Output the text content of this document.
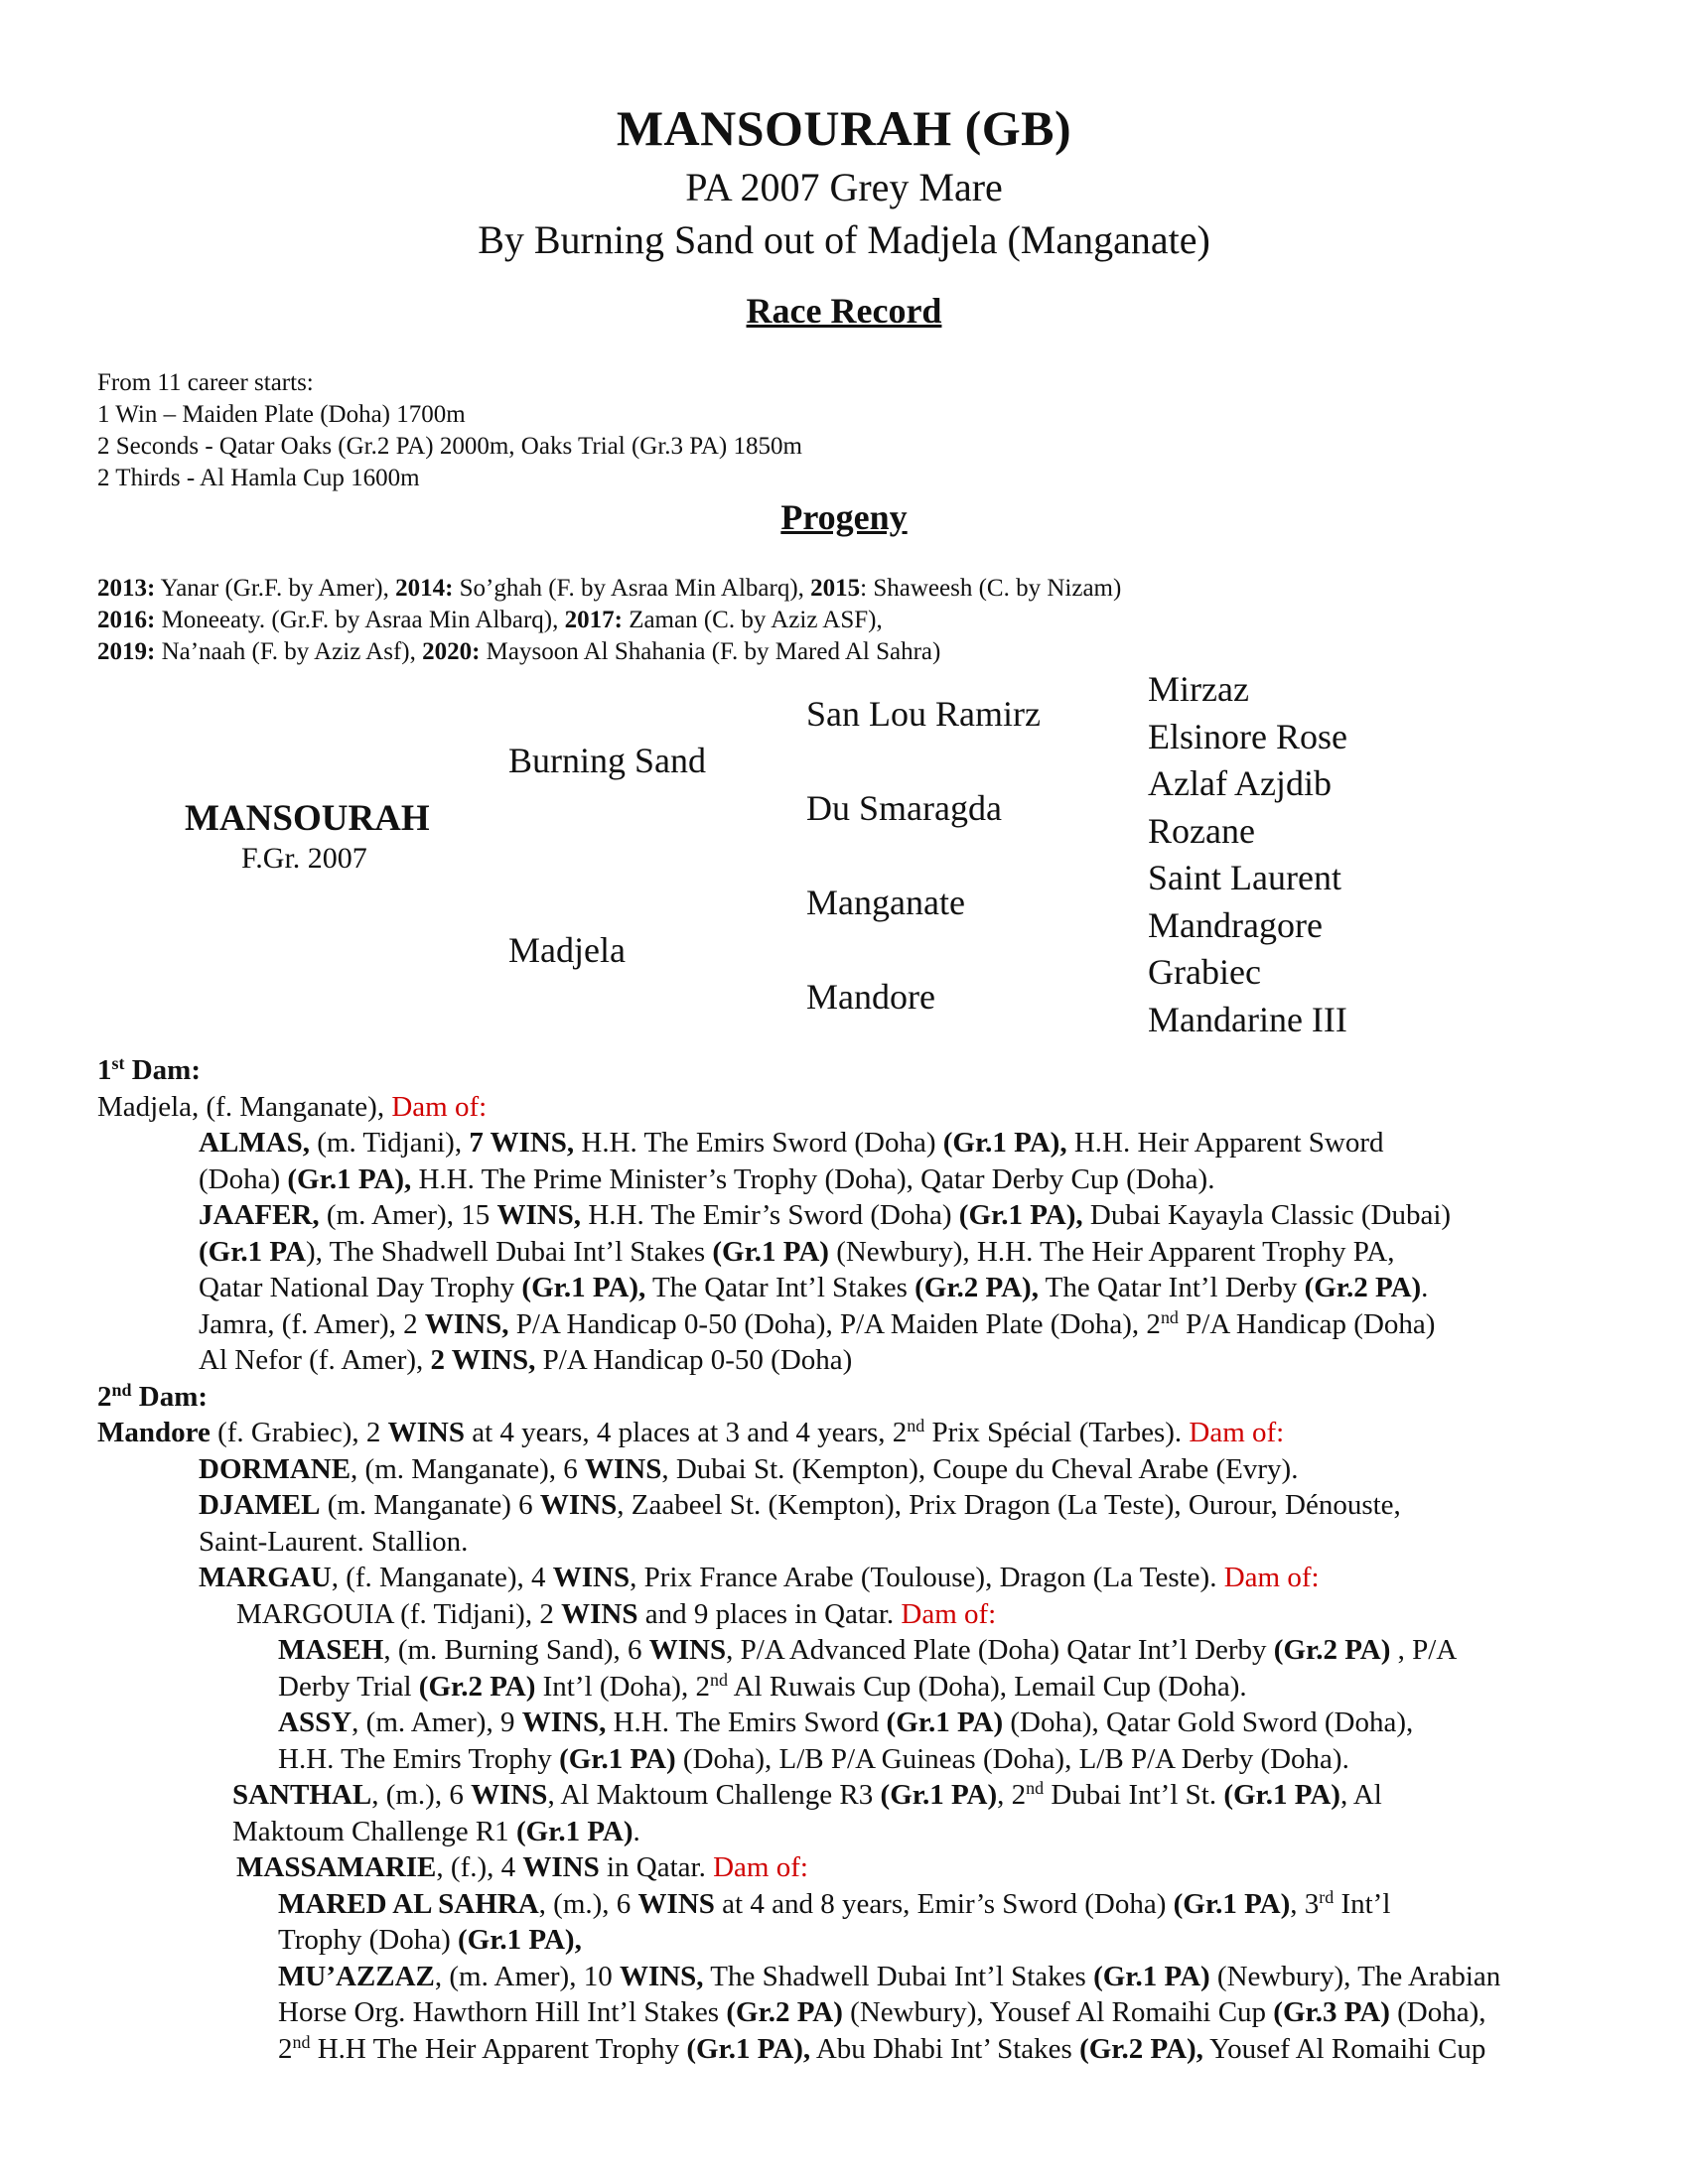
MANSOURAH (GB)
PA 2007 Grey Mare
By Burning Sand out of Madjela (Manganate)
Race Record
From 11 career starts:
1 Win – Maiden Plate (Doha) 1700m
2 Seconds - Qatar Oaks (Gr.2 PA) 2000m, Oaks Trial (Gr.3 PA) 1850m
2 Thirds - Al Hamla Cup 1600m
Progeny
2013: Yanar (Gr.F. by Amer), 2014: So’ghah (F. by Asraa Min Albarq), 2015: Shaweesh (C. by Nizam)
2016: Moneeaty. (Gr.F. by Asraa Min Albarq), 2017: Zaman (C. by Aziz ASF),
2019: Na’naah (F. by Aziz Asf), 2020: Maysoon Al Shahania (F. by Mared Al Sahra)
MANSOURAH
F.Gr. 2007
Burning Sand
Madjela
San Lou Ramirz
Du Smaragda
Manganate
Mandore
Mirzaz
Elsinore Rose
Azlaf Azjdib
Rozane
Saint Laurent
Mandragore
Grabiec
Mandarine III
1st Dam:
Madjela, (f. Manganate), Dam of:
ALMAS, (m. Tidjani), 7 WINS, H.H. The Emirs Sword (Doha) (Gr.1 PA), H.H. Heir Apparent Sword
(Doha) (Gr.1 PA), H.H. The Prime Minister’s Trophy (Doha), Qatar Derby Cup (Doha).
JAAFER, (m. Amer), 15 WINS, H.H. The Emir’s Sword (Doha) (Gr.1 PA), Dubai Kayayla Classic (Dubai)
(Gr.1 PA), The Shadwell Dubai Int’l Stakes (Gr.1 PA) (Newbury), H.H. The Heir Apparent Trophy PA,
Qatar National Day Trophy (Gr.1 PA), The Qatar Int’l Stakes (Gr.2 PA), The Qatar Int’l Derby (Gr.2 PA).
Jamra, (f. Amer), 2 WINS, P/A Handicap 0-50 (Doha), P/A Maiden Plate (Doha), 2nd P/A Handicap (Doha)
Al Nefor (f. Amer), 2 WINS, P/A Handicap 0-50 (Doha)
2nd Dam:
Mandore (f. Grabiec), 2 WINS at 4 years, 4 places at 3 and 4 years, 2nd Prix Spécial (Tarbes). Dam of:
DORMANE, (m. Manganate), 6 WINS, Dubai St. (Kempton), Coupe du Cheval Arabe (Evry).
DJAMEL (m. Manganate) 6 WINS, Zaabeel St. (Kempton), Prix Dragon (La Teste), Ourour, Dénouste,
Saint-Laurent. Stallion.
MARGAU, (f. Manganate), 4 WINS, Prix France Arabe (Toulouse), Dragon (La Teste). Dam of:
MARGOUIA (f. Tidjani), 2 WINS and 9 places in Qatar. Dam of:
MASEH, (m. Burning Sand), 6 WINS, P/A Advanced Plate (Doha) Qatar Int’l Derby (Gr.2 PA) , P/A
Derby Trial (Gr.2 PA) Int’l (Doha), 2nd Al Ruwais Cup (Doha), Lemail Cup (Doha).
ASSY, (m. Amer), 9 WINS, H.H. The Emirs Sword (Gr.1 PA) (Doha), Qatar Gold Sword (Doha),
H.H. The Emirs Trophy (Gr.1 PA) (Doha), L/B P/A Guineas (Doha), L/B P/A Derby (Doha).
SANTHAL, (m.), 6 WINS, Al Maktoum Challenge R3 (Gr.1 PA), 2nd Dubai Int’l St. (Gr.1 PA), Al
Maktoum Challenge R1 (Gr.1 PA).
MASSAMARIE, (f.), 4 WINS in Qatar. Dam of:
MARED AL SAHRA, (m.), 6 WINS at 4 and 8 years, Emir’s Sword (Doha) (Gr.1 PA), 3rd Int’l
Trophy (Doha) (Gr.1 PA),
MU’AZZAZ, (m. Amer), 10 WINS, The Shadwell Dubai Int’l Stakes (Gr.1 PA) (Newbury), The Arabian
Horse Org. Hawthorn Hill Int’l Stakes (Gr.2 PA) (Newbury), Yousef Al Romaihi Cup (Gr.3 PA) (Doha),
2nd H.H The Heir Apparent Trophy (Gr.1 PA), Abu Dhabi Int’ Stakes (Gr.2 PA), Yousef Al Romaihi Cup
